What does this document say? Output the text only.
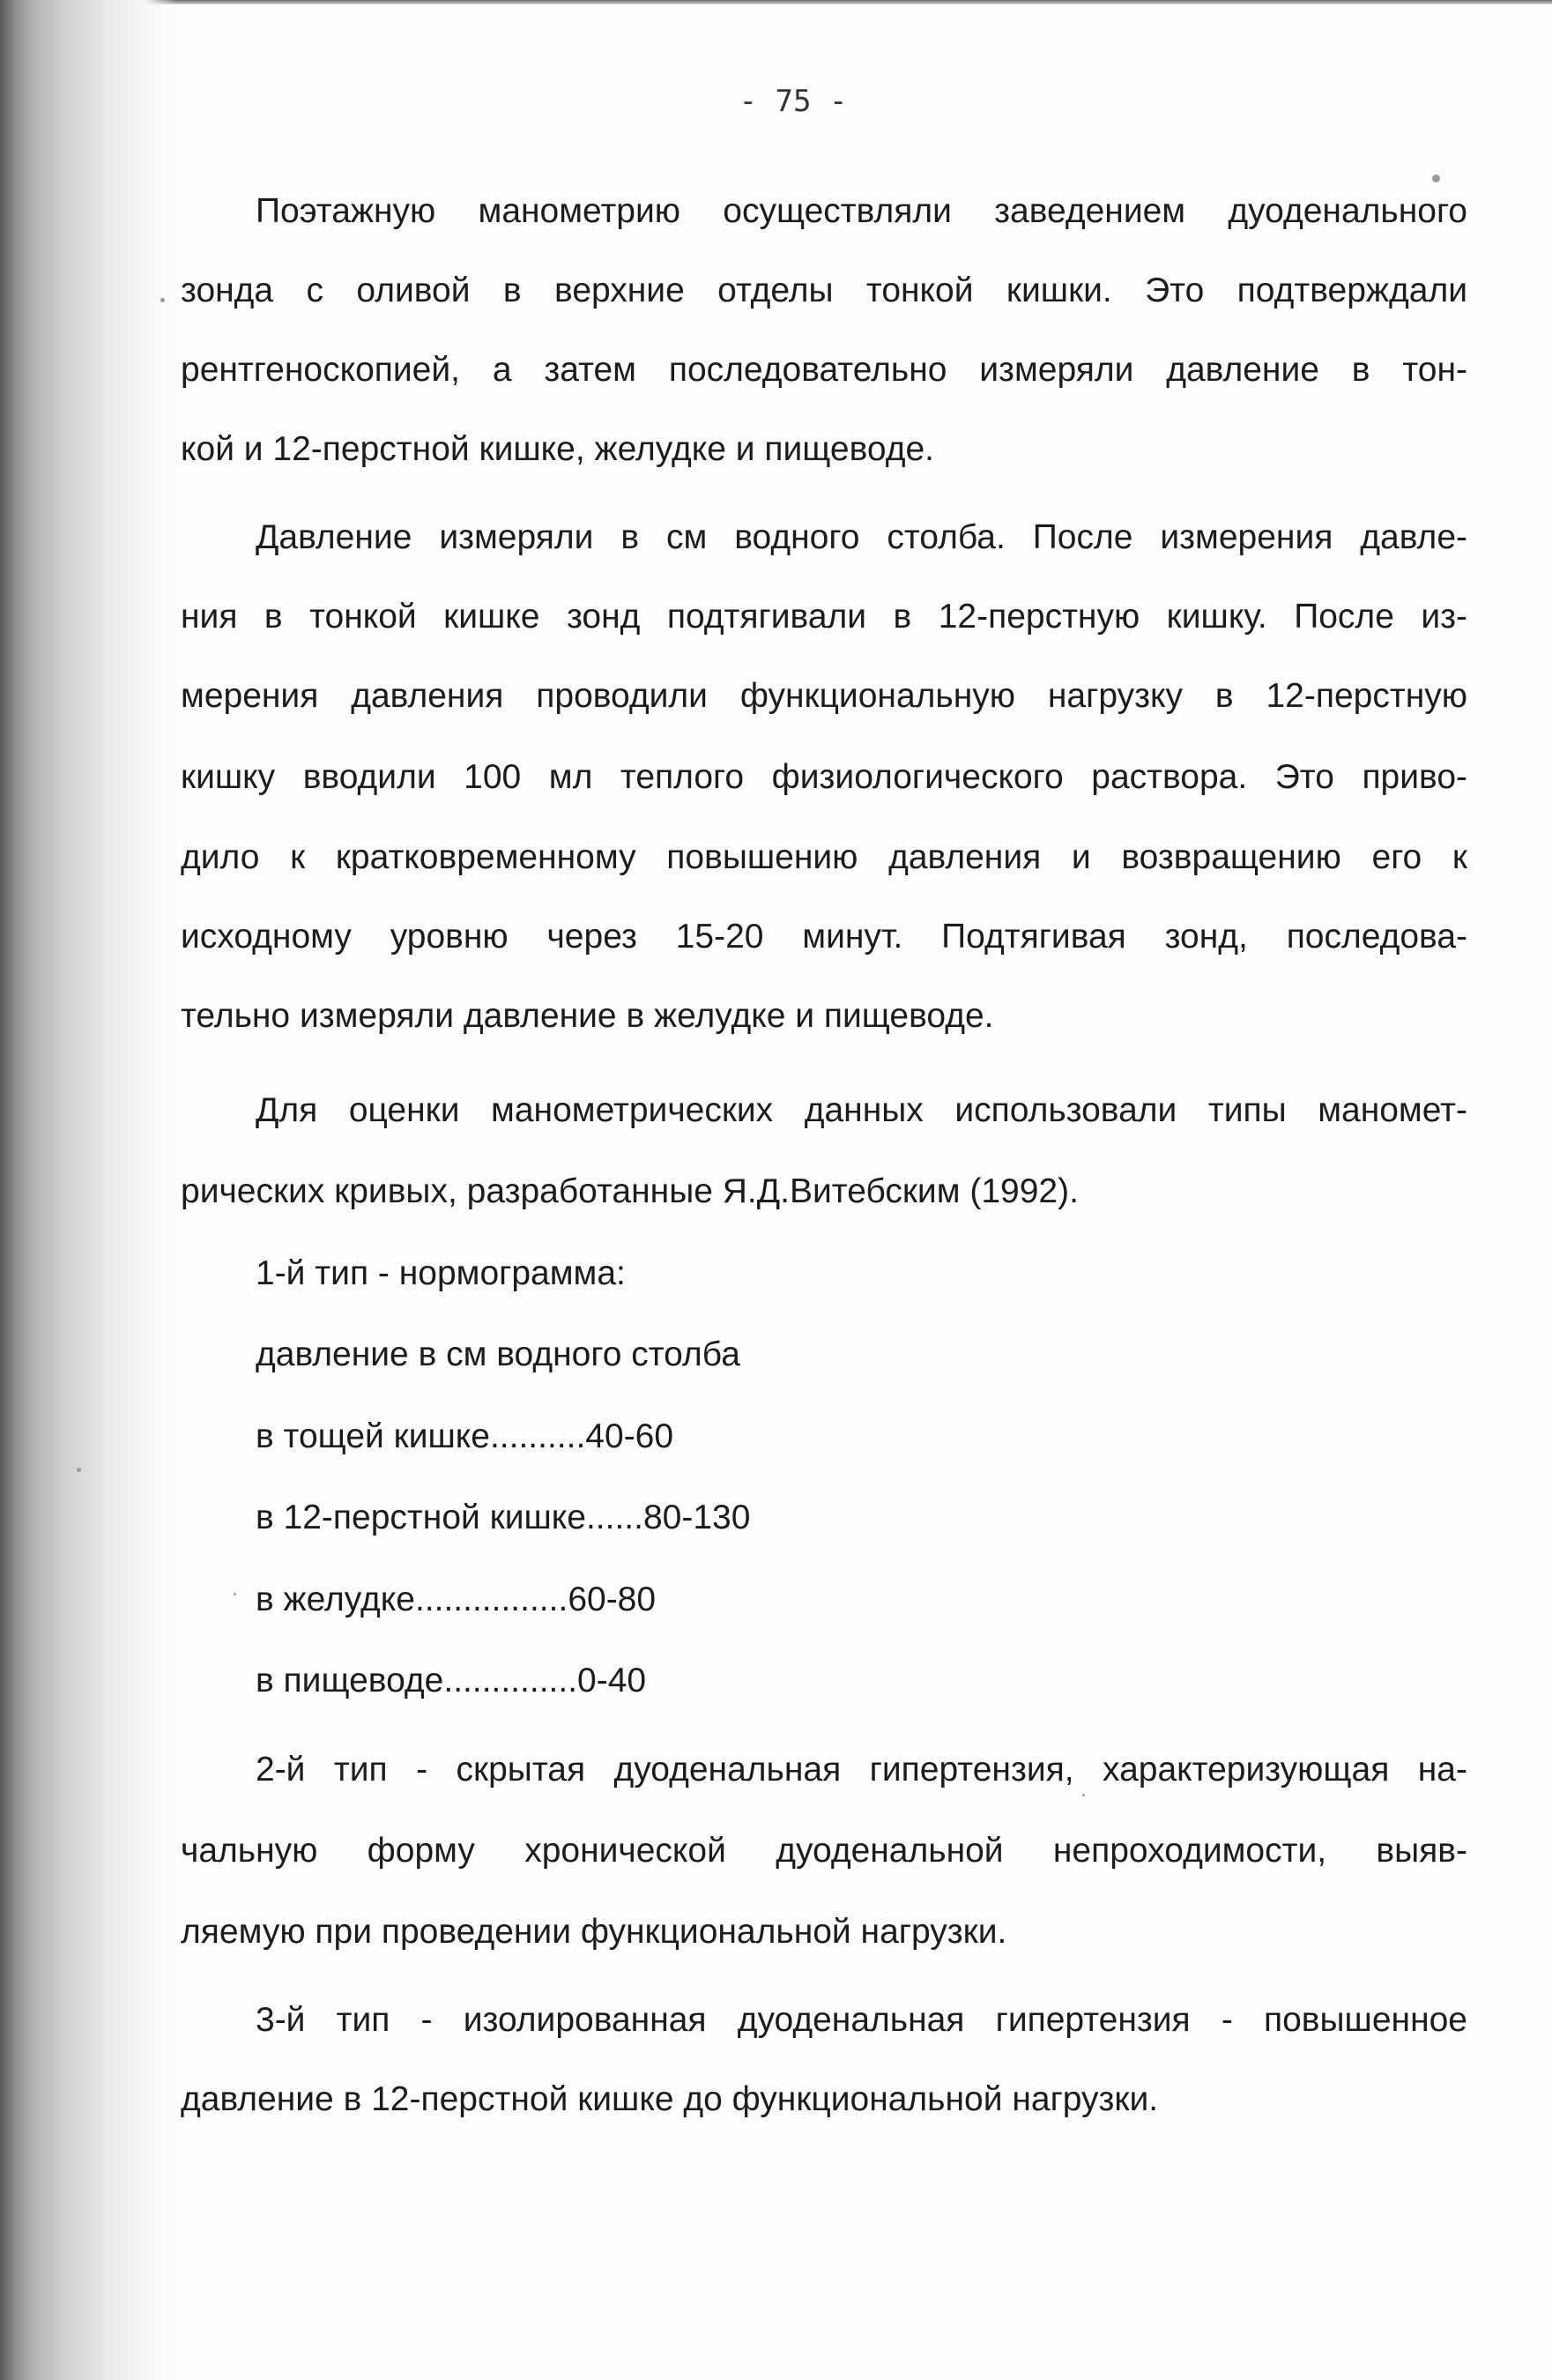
- 75 -
Поэтажную манометрию осуществляли заведением дуоденального
зонда с оливой в верхние отделы тонкой кишки. Это подтверждали
рентгеноскопией, а затем последовательно измеряли давление в тон-
кой и 12-перстной кишке, желудке и пищеводе.
Давление измеряли в см водного столба. После измерения давле-
ния в тонкой кишке зонд подтягивали в 12-перстную кишку. После из-
мерения давления проводили функциональную нагрузку в 12-перстную
кишку вводили 100 мл теплого физиологического раствора. Это приво-
дило к кратковременному повышению давления и возвращению его к
исходному уровню через 15-20 минут. Подтягивая зонд, последова-
тельно измеряли давление в желудке и пищеводе.
Для оценки манометрических данных использовали типы маномет-
рических кривых, разработанные Я.Д.Витебским (1992).
1-й тип - нормограмма:
давление в см водного столба
в тощей кишке..........40-60
в 12-перстной кишке......80-130
в желудке................60-80
в пищеводе..............0-40
2-й тип - скрытая дуоденальная гипертензия, характеризующая на-
чальную форму хронической дуоденальной непроходимости, выяв-
ляемую при проведении функциональной нагрузки.
3-й тип - изолированная дуоденальная гипертензия - повышенное
давление в 12-перстной кишке до функциональной нагрузки.
